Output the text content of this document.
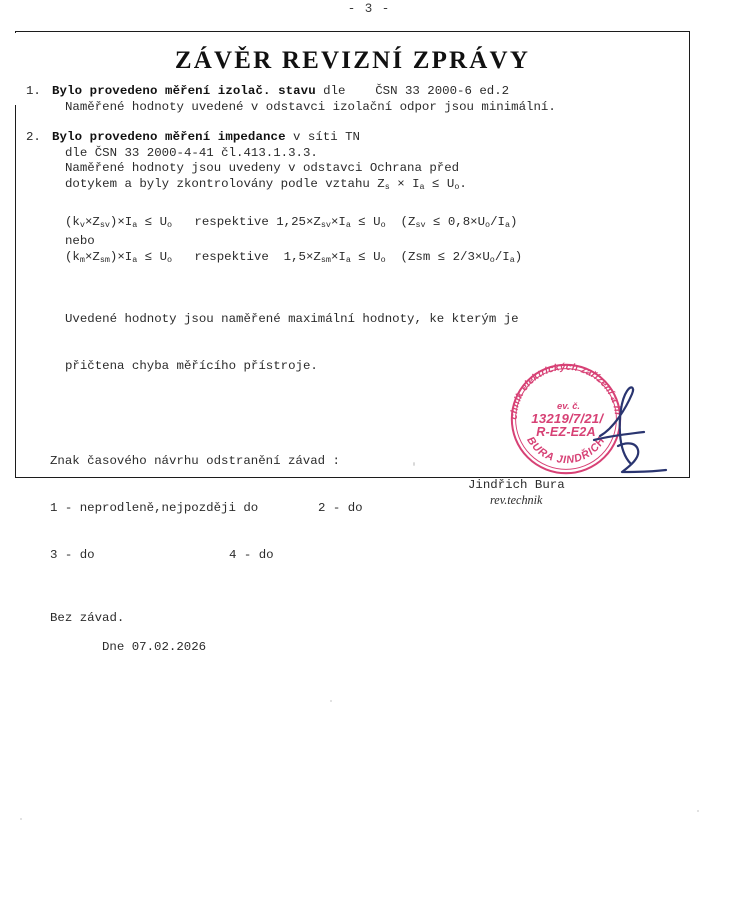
- 3 -
ZÁVĚR REVIZNÍ ZPRÁVY
1. Bylo provedeno měření izolač. stavu dle    ČSN 33 2000-6 ed.2
Naměřené hodnoty uvedené v odstavci izolační odpor jsou minimální.
2. Bylo provedeno měření impedance v síti TN
dle ČSN 33 2000-4-41 čl.413.1.3.3.
Naměřené hodnoty jsou uvedeny v odstavci Ochrana před
dotykem a byly zkontrolovány podle vztahu $Z_s \times I_a \le U_o$.
$(k_v\times Z_{sv})\times I_a \le U_o$   respektive $1,25\times Z_{sv}\times I_a \le U_o$  $(Z_{sv} \le 0,8\times U_o/I_a)$
nebo
$(k_m\times Z_{sm})\times I_a \le U_o$   respektive  $1,5\times Z_{sm}\times I_a \le U_o$  $(Zsm \le 2/3\times U_o/I_a)$

Uvedené hodnoty jsou naměřené maximální hodnoty, ke kterým je

přičtena chyba měřícího přístroje.

Znak časového návrhu odstranění závad :

1 - neprodleně,nejpozději do	2 - do

3 - do	4 - do

Bez závad.
Dne 07.02.2026
Jindřich Bura
rev.technik
Revizní technik elektrických zařízení a hromosvodů
BURA JINDŘICH
ev. č.
13219/7/21/
R-EZ-E2A
